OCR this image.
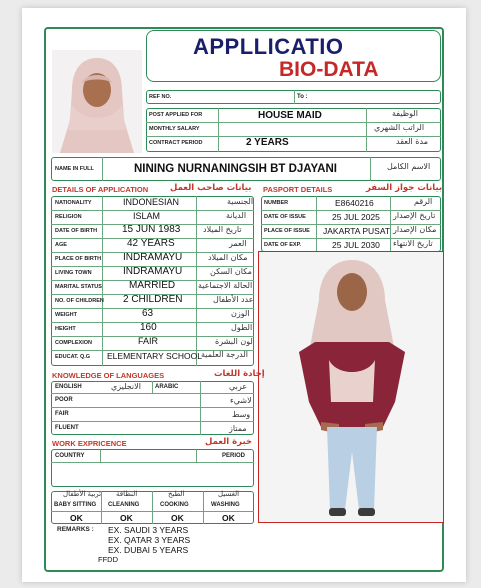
APPLLICATIO
BIO-DATA
REF NO.	To :
POST APPLIED FOR	HOUSE MAID	الوظيفة
MONTHLY SALARY	الراتب الشهري
CONTRACT PERIOD	2 YEARS	مدة العقد
NAME IN FULL	NINING NURNANINGSIH BT DJAYANI	الاسم الكامل
DETAILS OF APPLICATION	بيانات صاحب العمل PASPORT DETAILS	بيانات جواز السفر
NATIONALITY	INDONESIAN	الجنسية
RELIGION	ISLAM	الديانة
DATE OF BIRTH 15 JUN 1983	تاريخ الميلاد
AGE	42 YEARS	العمر
PLACE OF BIRTH INDRAMAYU	مكان الميلاد
LIVING TOWN	INDRAMAYU	مكان السكن
MARITAL STATUS	MARRIED	الحالة الاجتماعية
NO. OF CHILDREN 2 CHILDREN	عدد الأطفال
WEIGHT	63	الوزن
HEIGHT	160	الطول
COMPLEXION	FAIR	لون البشرة
EDUCAT. Q.G ELEMENTARY SCHOOL الدرجة العلمية
NUMBER	E8640216	الرقم
DATE OF ISSUE	25 JUL 2025 تاريخ الإصدار
PLACE OF ISSUE JAKARTA PUSAT مكان الإصدار
DATE OF EXP.	25 JUL 2030 تاريخ الانتهاء
KNOWLEDGE OF LANGUAGES	إجادة اللغات
ENGLISH	الانجليزي ARABIC	عربي
POOR	لاشيء
FAIR	وسط
FLUENT	ممتاز
WORK EXPRICENCE	خبرة العمل
COUNTRY	PERIOD
تربية الأطفال
BABY SITTING
OK
النظافة
CLEANING
OK
الطبخ
COOKING
OK
الغسيل
WASHING
OK
REMARKS : EX. SAUDI 3 YEARS
EX. QATAR 3 YEARS
EX. DUBAI 5 YEARS
FFDD
